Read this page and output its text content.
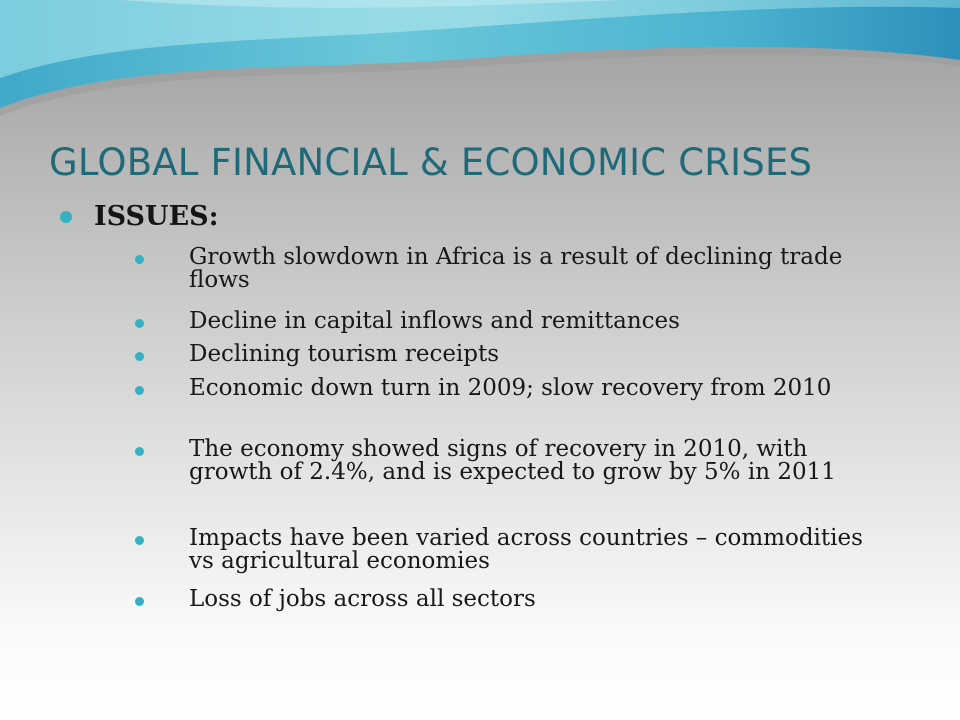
GLOBAL FINANCIAL & ECONOMIC CRISES
ISSUES:
Growth slowdown in Africa is a result of declining trade flows
Decline in capital inflows and remittances
Declining tourism receipts
Economic down turn in 2009; slow recovery from 2010
The economy showed signs of recovery in 2010, with growth of 2.4%, and is expected to grow by 5% in 2011
Impacts have been varied across countries – commodities vs agricultural economies
Loss of jobs across all sectors
